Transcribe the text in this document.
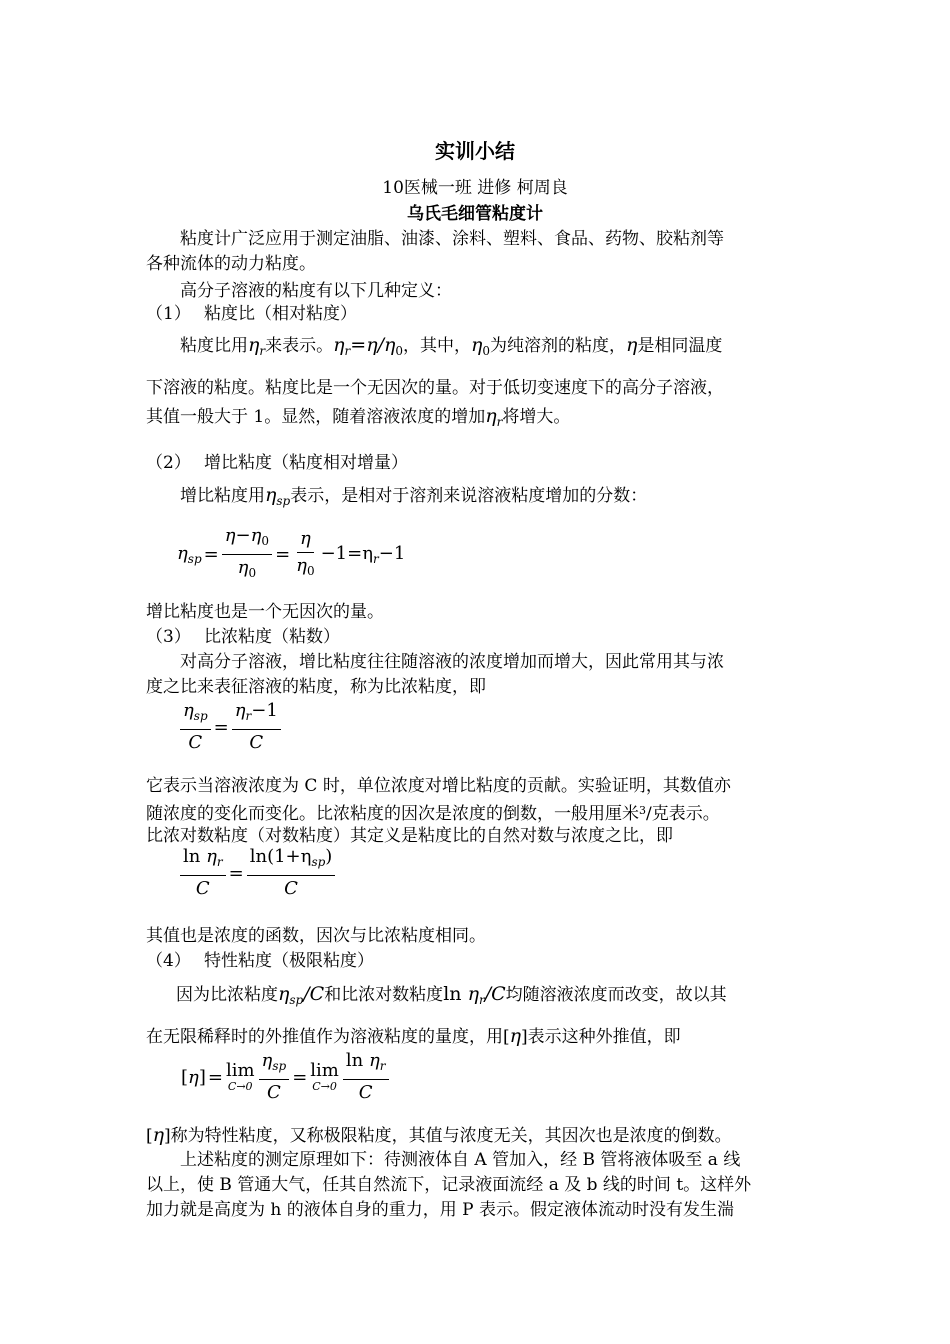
实训小结
10医械一班 进修 柯周良
乌氏毛细管粘度计
粘度计广泛应用于测定油脂、油漆、涂料、塑料、食品、药物、胶粘剂等
各种流体的动力粘度。
高分子溶液的粘度有以下几种定义：
（1） 粘度比（相对粘度）
粘度比用$\eta_r$来表示。$\eta_r=\eta/\eta_0$，其中，$\eta_0$为纯溶剂的粘度，η是相同温度
下溶液的粘度。粘度比是一个无因次的量。对于低切变速度下的高分子溶液，
其值一般大于 1。显然，随着溶液浓度的增加$\eta_r$将增大。
（2） 增比粘度（粘度相对增量）
增比粘度用$\eta_{sp}$表示，是相对于溶剂来说溶液粘度增加的分数：
$\eta_{sp} = \frac{\eta-\eta_0}{\eta_0} = \frac{\eta}{\eta_0} -1=\eta_r-1$
增比粘度也是一个无因次的量。
（3） 比浓粘度（粘数）
对高分子溶液，增比粘度往往随溶液的浓度增加而增大，因此常用其与浓
度之比来表征溶液的粘度，称为比浓粘度，即
$\frac{\eta_{sp}}{C} = \frac{\eta_r-1}{C}$
它表示当溶液浓度为 C 时，单位浓度对增比粘度的贡献。实验证明，其数值亦
随浓度的变化而变化。比浓粘度的因次是浓度的倒数，一般用厘米$^3$/克表示。
比浓对数粘度（对数粘度）其定义是粘度比的自然对数与浓度之比，即
$\frac{\ln \eta_r}{C} = \frac{\ln(1+\eta_{sp})}{C}$
其值也是浓度的函数，因次与比浓粘度相同。
（4） 特性粘度（极限粘度）
因为比浓粘度$\eta_{sp}/C$和比浓对数粘度$\ln \eta_r/C$均随溶液浓度而改变，故以其
在无限稀释时的外推值作为溶液粘度的量度，用[η]表示这种外推值，即
[η] = lim
$C\to 0 \frac{\eta_{sp}}{C} = \lim$
$C\to 0 \frac{\ln \eta_r}{C}$
[η]称为特性粘度，又称极限粘度，其值与浓度无关，其因次也是浓度的倒数。
上述粘度的测定原理如下：待测液体自 A 管加入，经 B 管将液体吸至 a 线
以上，使 B 管通大气，任其自然流下，记录液面流经 a 及 b 线的时间 t。这样外
加力就是高度为 h 的液体自身的重力，用 P 表示。假定液体流动时没有发生湍
